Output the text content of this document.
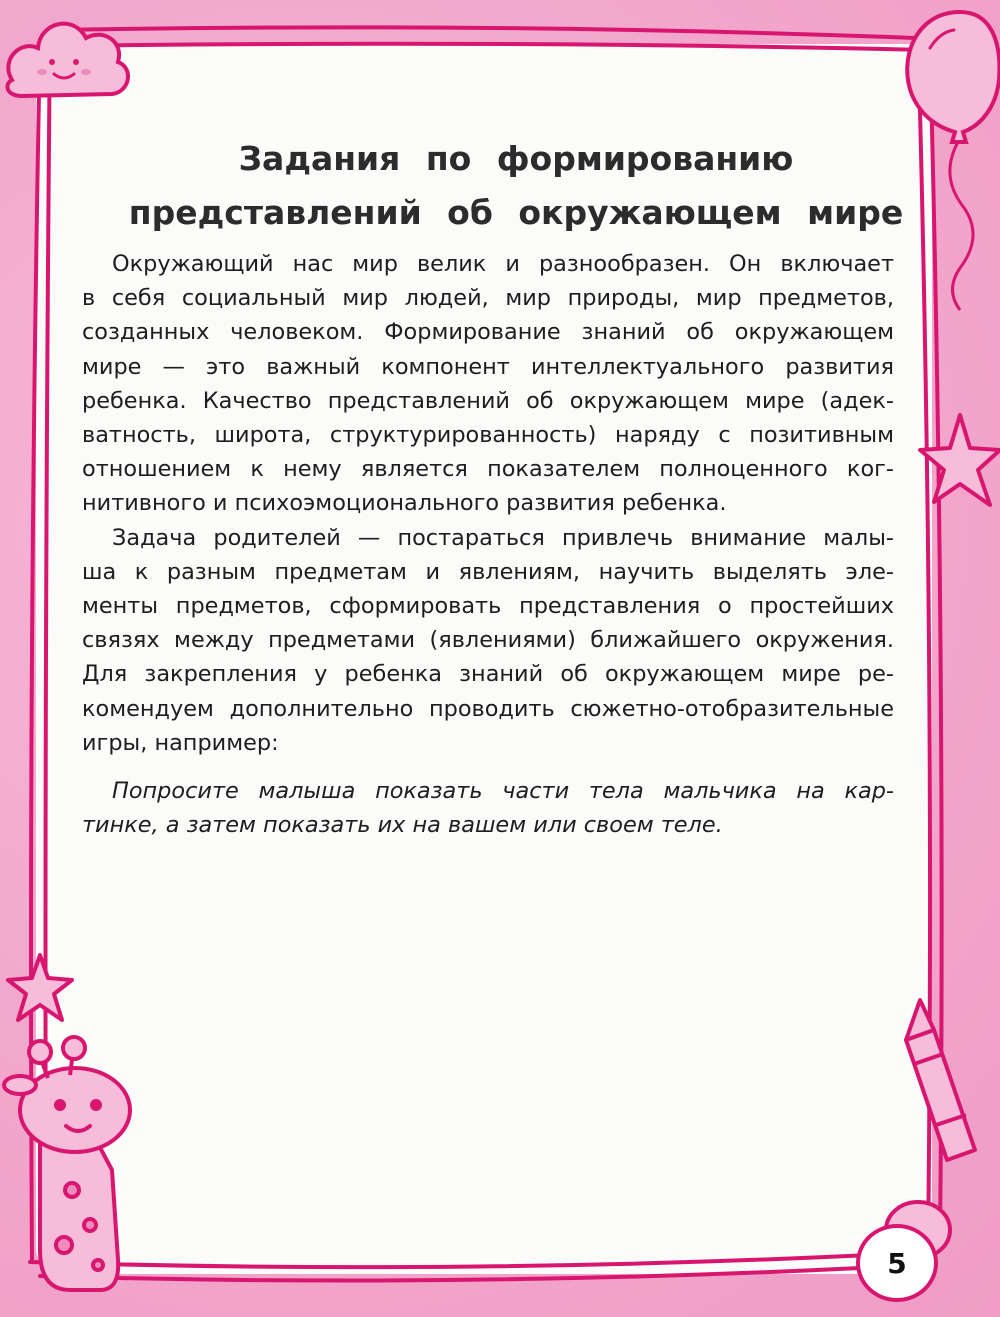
Задания по формированию
представлений об окружающем мире

Окружающий нас мир велик и разнообразен. Он включает
в себя социальный мир людей, мир природы, мир предметов,
созданных человеком. Формирование знаний об окружающем
мире — это важный компонент интеллектуального развития
ребенка. Качество представлений об окружающем мире (адек-
ватность, широта, структурированность) наряду с позитивным
отношением к нему является показателем полноценного ког-
нитивного и психоэмоционального развития ребенка.

Задача родителей — постараться привлечь внимание малы-
ша к разным предметам и явлениям, научить выделять эле-
менты предметов, сформировать представления о простейших
связях между предметами (явлениями) ближайшего окружения.
Для закрепления у ребенка знаний об окружающем мире ре-
комендуем дополнительно проводить сюжетно-отобразительные
игры, например:

Попросите малыша показать части тела мальчика на кар-
тинке, а затем показать их на вашем или своем теле.

5
